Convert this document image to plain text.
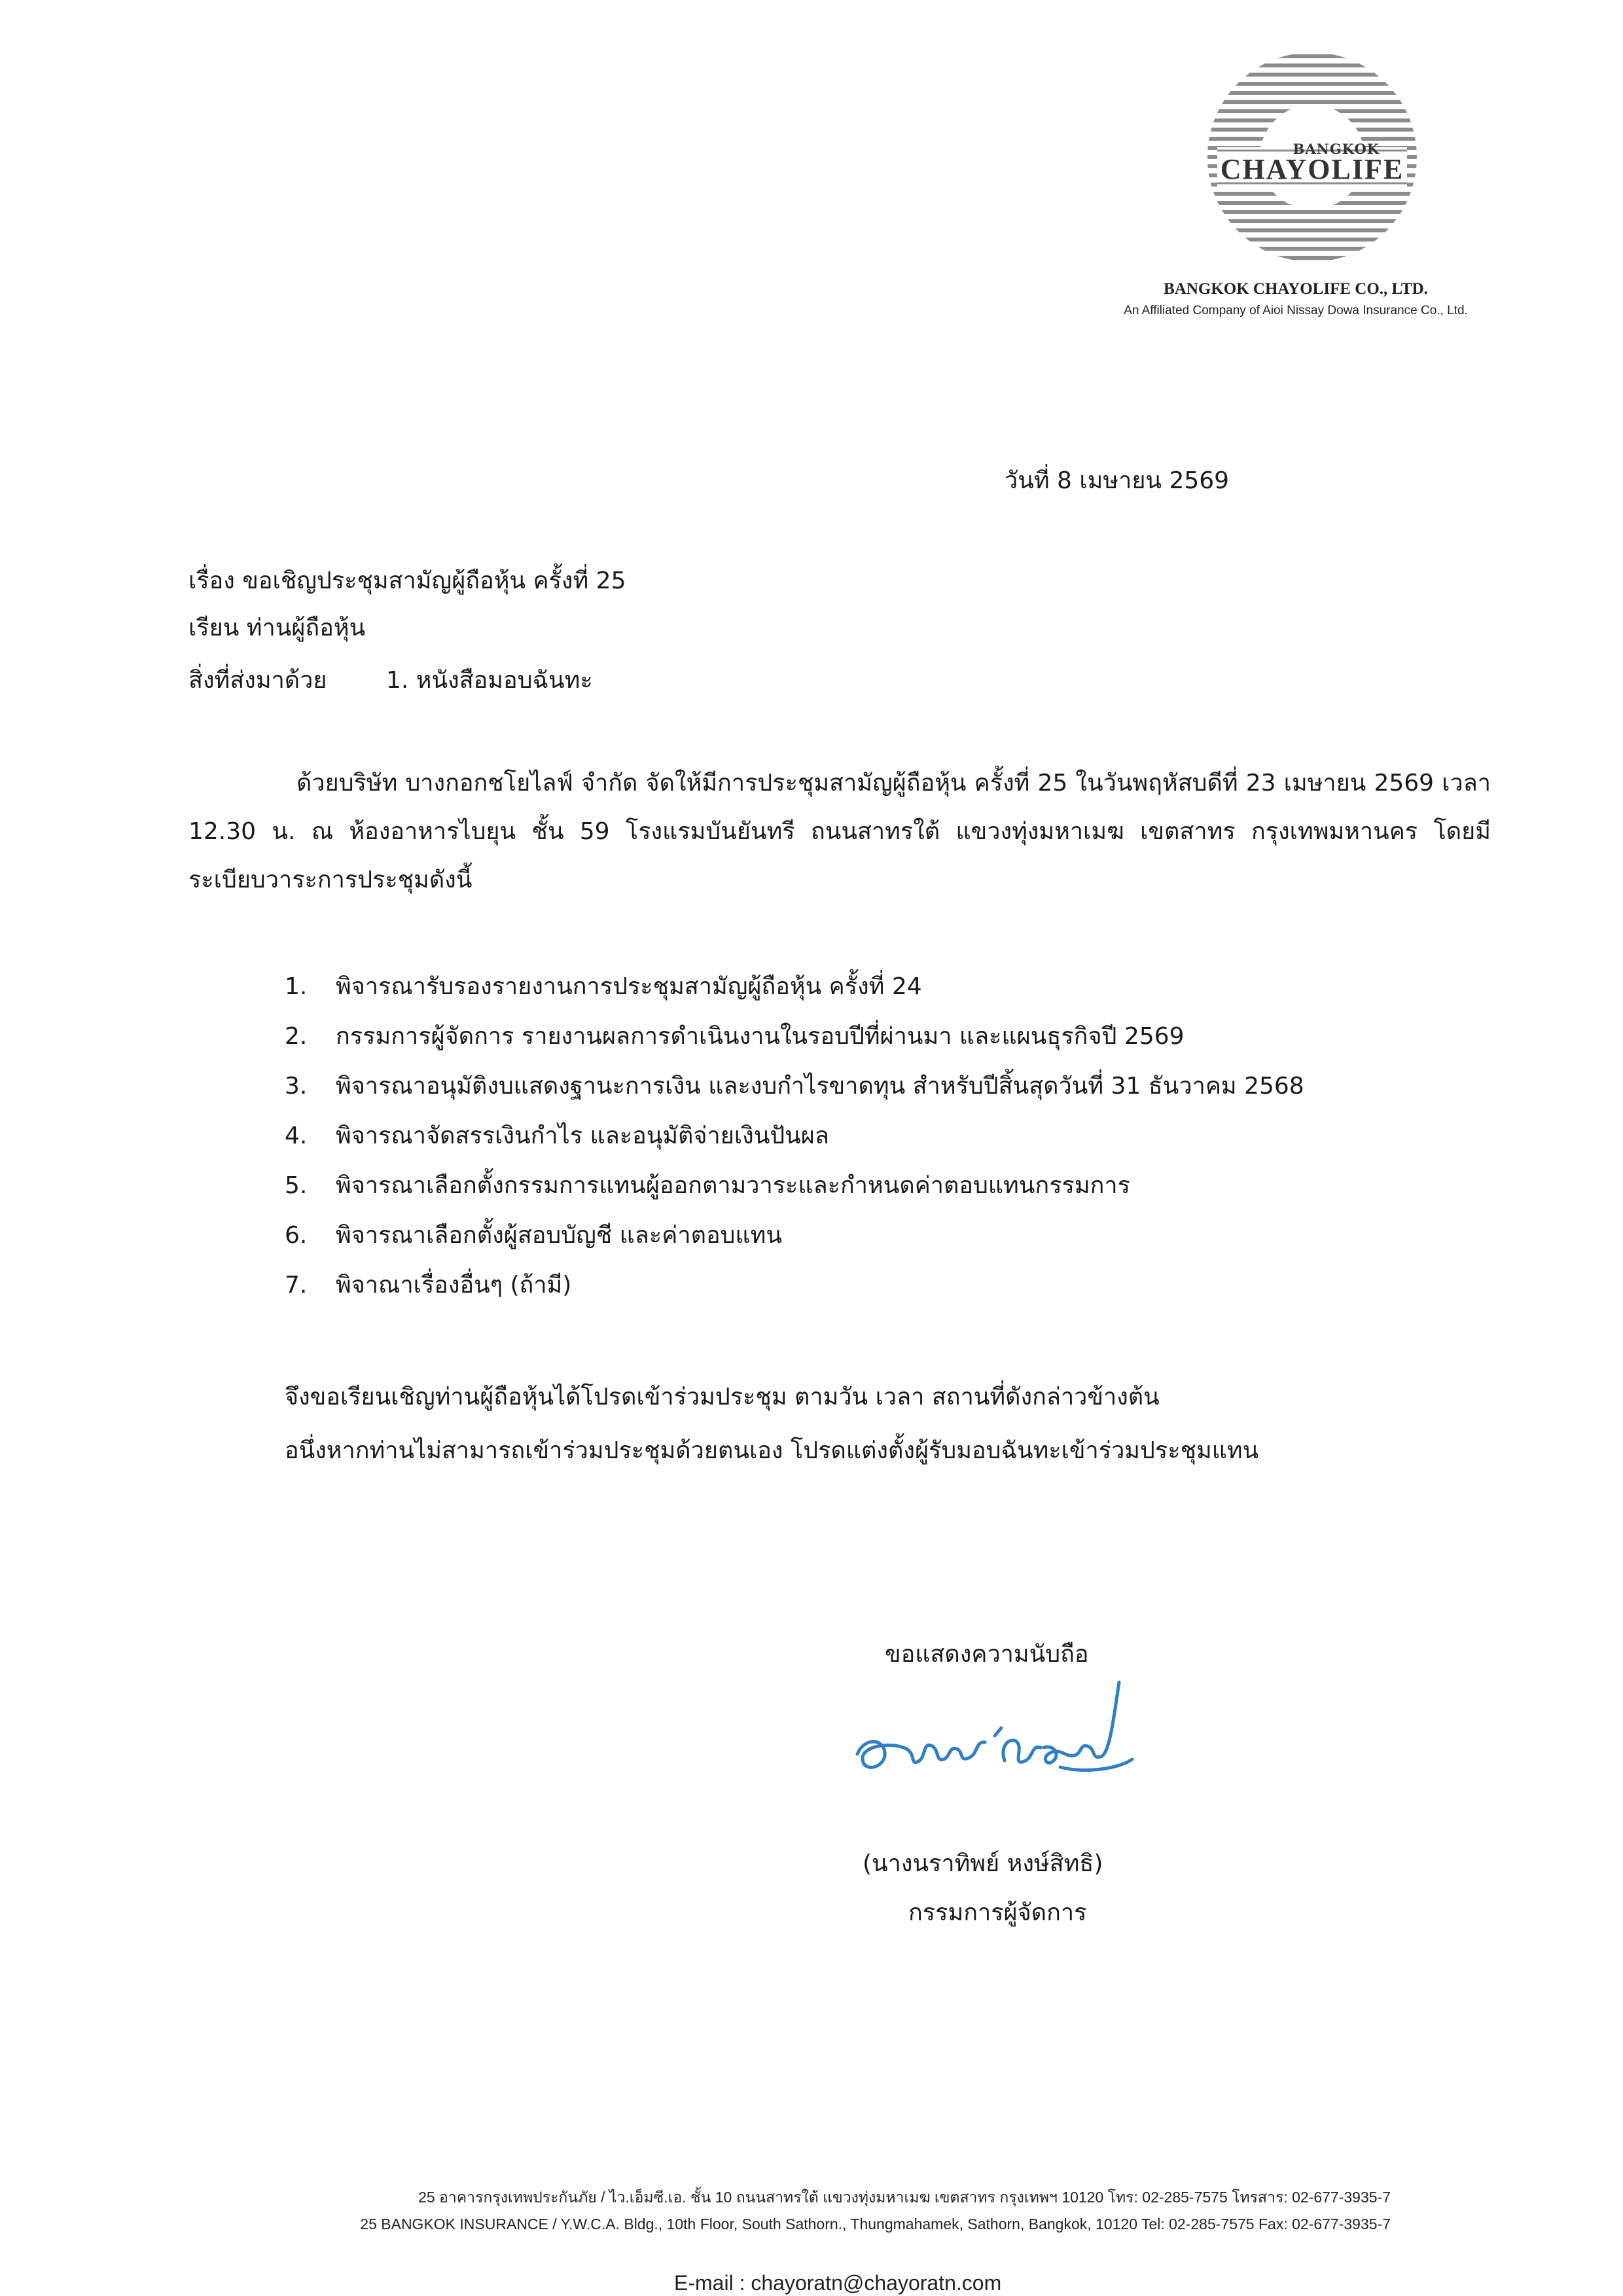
BANGKOK
CHAYOLIFE
BANGKOK CHAYOLIFE CO., LTD.
An Affiliated Company of Aioi Nissay Dowa Insurance Co., Ltd.
วันที่ 8 เมษายน 2569
เรื่อง ขอเชิญประชุมสามัญผู้ถือหุ้น ครั้งที่ 25
เรียน ท่านผู้ถือหุ้น
สิ่งที่ส่งมาด้วย	1. หนังสือมอบฉันทะ
ด้วยบริษัท บางกอกชโยไลฟ์ จำกัด จัดให้มีการประชุมสามัญผู้ถือหุ้น ครั้งที่ 25 ในวันพฤหัสบดีที่ 23 เมษายน 2569 เวลา 12.30 น. ณ ห้องอาหารไบยุน ชั้น 59 โรงแรมบันยันทรี ถนนสาทรใต้ แขวงทุ่งมหาเมฆ เขตสาทร กรุงเทพมหานคร โดยมีระเบียบวาระการประชุมดังนี้
1. พิจารณารับรองรายงานการประชุมสามัญผู้ถือหุ้น ครั้งที่ 24
2. กรรมการผู้จัดการ รายงานผลการดำเนินงานในรอบปีที่ผ่านมา และแผนธุรกิจปี 2569
3. พิจารณาอนุมัติงบแสดงฐานะการเงิน และงบกำไรขาดทุน สำหรับปีสิ้นสุดวันที่ 31 ธันวาคม 2568
4. พิจารณาจัดสรรเงินกำไร และอนุมัติจ่ายเงินปันผล
5. พิจารณาเลือกตั้งกรรมการแทนผู้ออกตามวาระและกำหนดค่าตอบแทนกรรมการ
6. พิจารณาเลือกตั้งผู้สอบบัญชี และค่าตอบแทน
7. พิจาณาเรื่องอื่นๆ (ถ้ามี)
จึงขอเรียนเชิญท่านผู้ถือหุ้นได้โปรดเข้าร่วมประชุม ตามวัน เวลา สถานที่ดังกล่าวข้างต้น
อนึ่งหากท่านไม่สามารถเข้าร่วมประชุมด้วยตนเอง โปรดแต่งตั้งผู้รับมอบฉันทะเข้าร่วมประชุมแทน
ขอแสดงความนับถือ
(นางนราทิพย์ หงษ์สิทธิ)
กรรมการผู้จัดการ
25 อาคารกรุงเทพประกันภัย / ไว.เอ็มซี.เอ. ชั้น 10 ถนนสาทรใต้ แขวงทุ่งมหาเมฆ เขตสาทร กรุงเทพฯ 10120 โทร: 02-285-7575 โทรสาร: 02-677-3935-7
25 BANGKOK INSURANCE / Y.W.C.A. Bldg., 10th Floor, South Sathorn., Thungmahamek, Sathorn, Bangkok, 10120 Tel: 02-285-7575 Fax: 02-677-3935-7
E-mail : chayoratn@chayoratn.com
